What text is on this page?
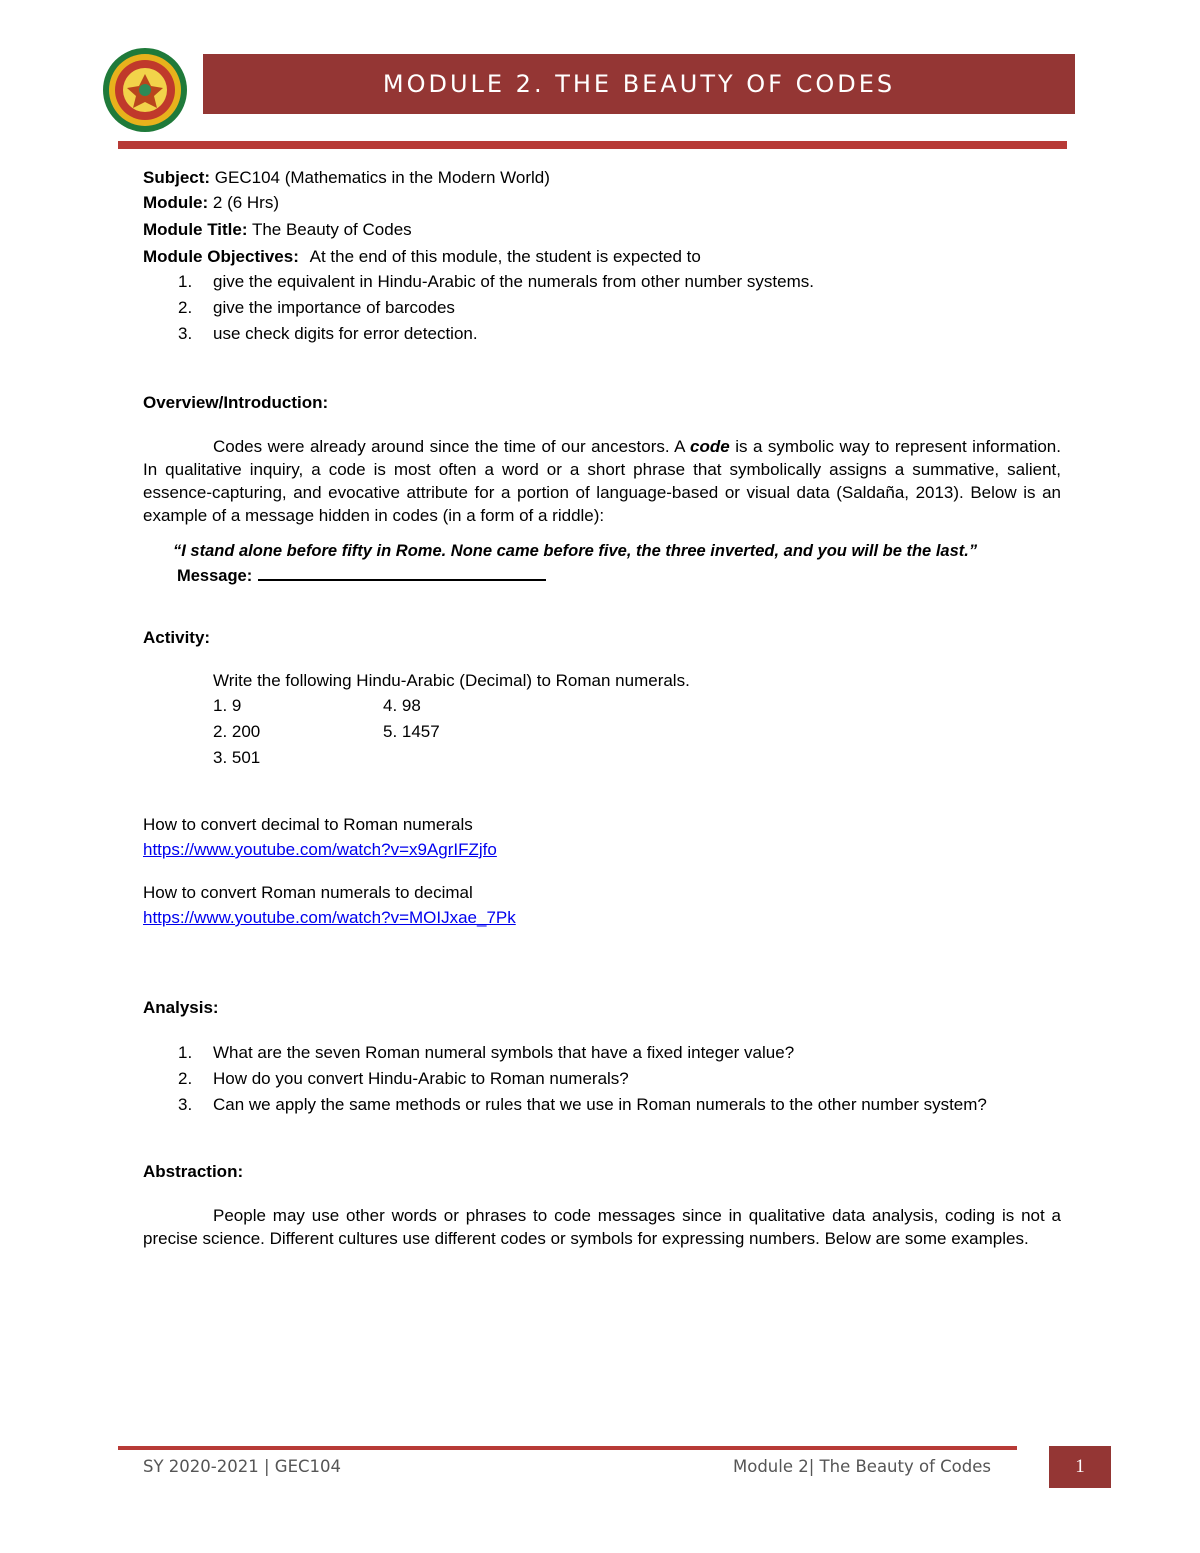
MODULE 2. THE BEAUTY OF CODES
Subject: GEC104 (Mathematics in the Modern World)
Module: 2 (6 Hrs)
Module Title: The Beauty of Codes
Module Objectives: At the end of this module, the student is expected to
1. give the equivalent in Hindu-Arabic of the numerals from other number systems.
2. give the importance of barcodes
3. use check digits for error detection.
Overview/Introduction:

Codes were already around since the time of our ancestors. A code is a symbolic way to represent information. In qualitative inquiry, a code is most often a word or a short phrase that symbolically assigns a summative, salient, essence-capturing, and evocative attribute for a portion of language-based or visual data (Saldaña, 2013). Below is an example of a message hidden in codes (in a form of a riddle):

“I stand alone before fifty in Rome. None came before five, the three inverted, and you will be the last.”
Message:
Activity:
Write the following Hindu-Arabic (Decimal) to Roman numerals.
1. 9	4. 98
2. 200	5. 1457
3. 501
How to convert decimal to Roman numerals
https://www.youtube.com/watch?v=x9AgrIFZjfo
How to convert Roman numerals to decimal
https://www.youtube.com/watch?v=MOIJxae_7Pk
Analysis:
1. What are the seven Roman numeral symbols that have a fixed integer value?
2. How do you convert Hindu-Arabic to Roman numerals?
3. Can we apply the same methods or rules that we use in Roman numerals to the other number system?
Abstraction:

People may use other words or phrases to code messages since in qualitative data analysis, coding is not a precise science. Different cultures use different codes or symbols for expressing numbers. Below are some examples.

SY 2020-2021 | GEC104	Module 2| The Beauty of Codes	1
